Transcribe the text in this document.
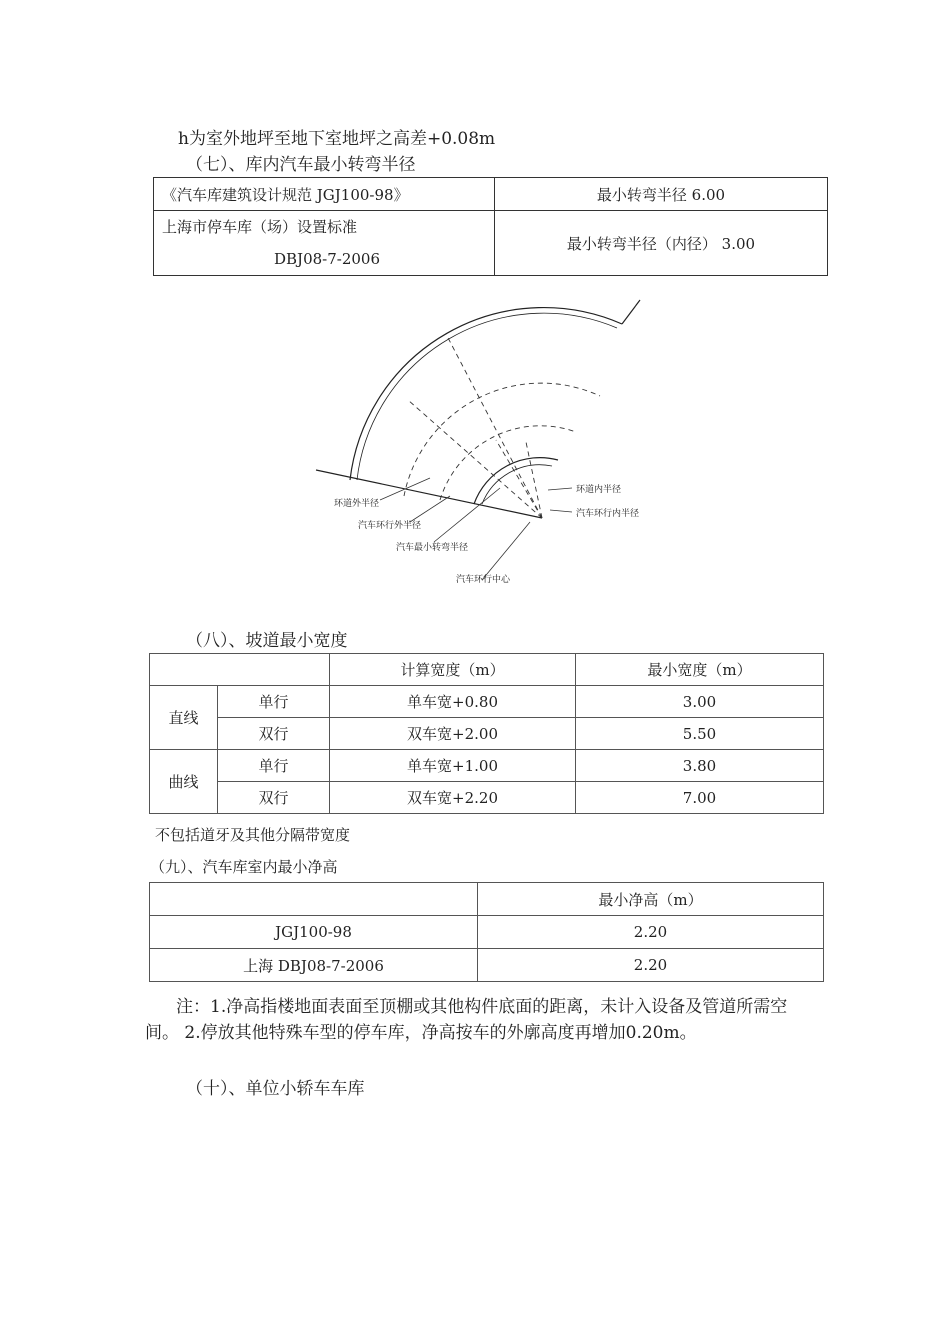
h为室外地坪至地下室地坪之高差+0.08m
（七）、库内汽车最小转弯半径
《汽车库建筑设计规范 JGJ100-98》	最小转弯半径 6.00

上海市停车库（场）设置标准
DBJ08-7-2006	最小转弯半径（内径） 3.00
环道外半径
汽车环行外半径
汽车最小转弯半径
汽车环行中心
环道内半径
汽车环行内半径
（八）、坡道最小宽度
		计算宽度（m）	最小宽度（m）
直线	单行	单车宽+0.80	3.00
	双行	双车宽+2.00	5.50
曲线	单行	单车宽+1.00	3.80
	双行	双车宽+2.20	7.00
不包括道牙及其他分隔带宽度
（九）、汽车库室内最小净高
	最小净高（m）
JGJ100-98	2.20
上海 DBJ08-7-2006	2.20
注：1.净高指楼地面表面至顶棚或其他构件底面的距离，未计入设备及管道所需空间。 2.停放其他特殊车型的停车库，净高按车的外廓高度再增加0.20m。
（十）、单位小轿车车库
